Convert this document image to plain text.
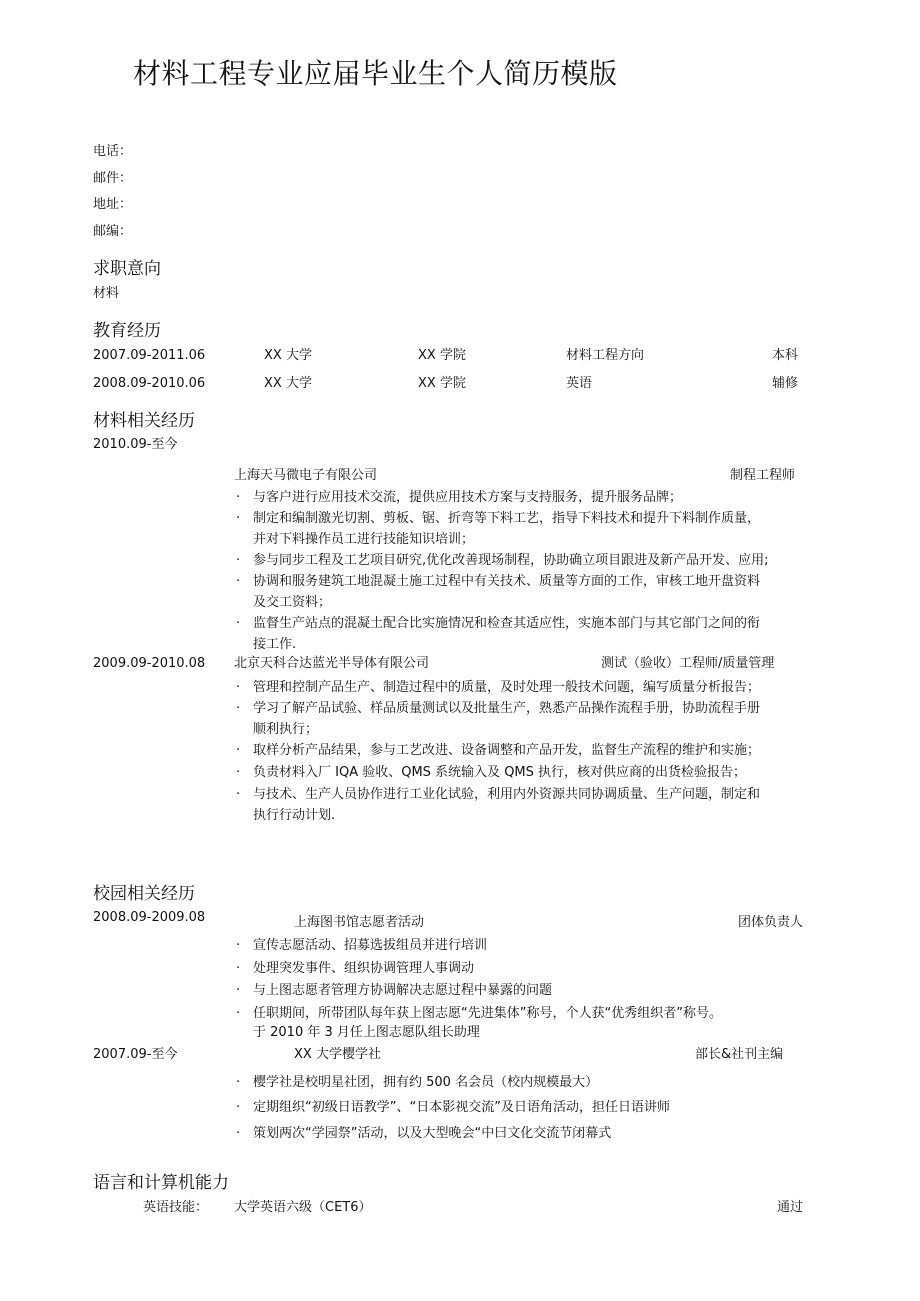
材料工程专业应届毕业生个人简历模版
电话：
邮件：
地址：
邮编：
求职意向
材料
教育经历
2007.09-2011.06	XX 大学	XX 学院	材料工程方向	本科
2008.09-2010.06	XX 大学	XX 学院	英语	辅修
材料相关经历
2010.09-至今
上海天马微电子有限公司	制程工程师
· 与客户进行应用技术交流，提供应用技术方案与支持服务，提升服务品牌；
· 制定和编制激光切割、剪板、锯、折弯等下料工艺，指导下料技术和提升下料制作质量，
并对下料操作员工进行技能知识培训；
· 参与同步工程及工艺项目研究,优化改善现场制程，协助确立项目跟进及新产品开发、应用;
· 协调和服务建筑工地混凝土施工过程中有关技术、质量等方面的工作，审核工地开盘资料
及交工资料；
· 监督生产站点的混凝土配合比实施情况和检查其适应性，实施本部门与其它部门之间的衔
接工作.
2009.09-2010.08 北京天科合达蓝光半导体有限公司	测试（验收）工程师/质量管理
· 管理和控制产品生产、制造过程中的质量，及时处理一般技术问题，编写质量分析报告；
· 学习了解产品试验、样品质量测试以及批量生产，熟悉产品操作流程手册，协助流程手册
顺利执行；
· 取样分析产品结果，参与工艺改进、设备调整和产品开发，监督生产流程的维护和实施；
· 负责材料入厂 IQA 验收、QMS 系统输入及 QMS 执行，核对供应商的出货检验报告；
· 与技术、生产人员协作进行工业化试验，利用内外资源共同协调质量、生产问题，制定和
执行行动计划.
校园相关经历
2008.09-2009.08	上海图书馆志愿者活动	团体负责人
· 宣传志愿活动、招募选拔组员并进行培训
· 处理突发事件、组织协调管理人事调动
· 与上图志愿者管理方协调解决志愿过程中暴露的问题
· 任职期间，所带团队每年获上图志愿“先进集体”称号，个人获“优秀组织者”称号。
于 2010 年 3 月任上图志愿队组长助理
2007.09-至今	XX 大学樱学社	部长&社刊主编
· 樱学社是校明星社团，拥有约 500 名会员（校内规模最大）
· 定期组织“初级日语教学”、“日本影视交流”及日语角活动，担任日语讲师
· 策划两次“学园祭”活动，以及大型晚会“中曰文化交流节闭幕式
语言和计算机能力
英语技能： 大学英语六级（CET6）	通过
